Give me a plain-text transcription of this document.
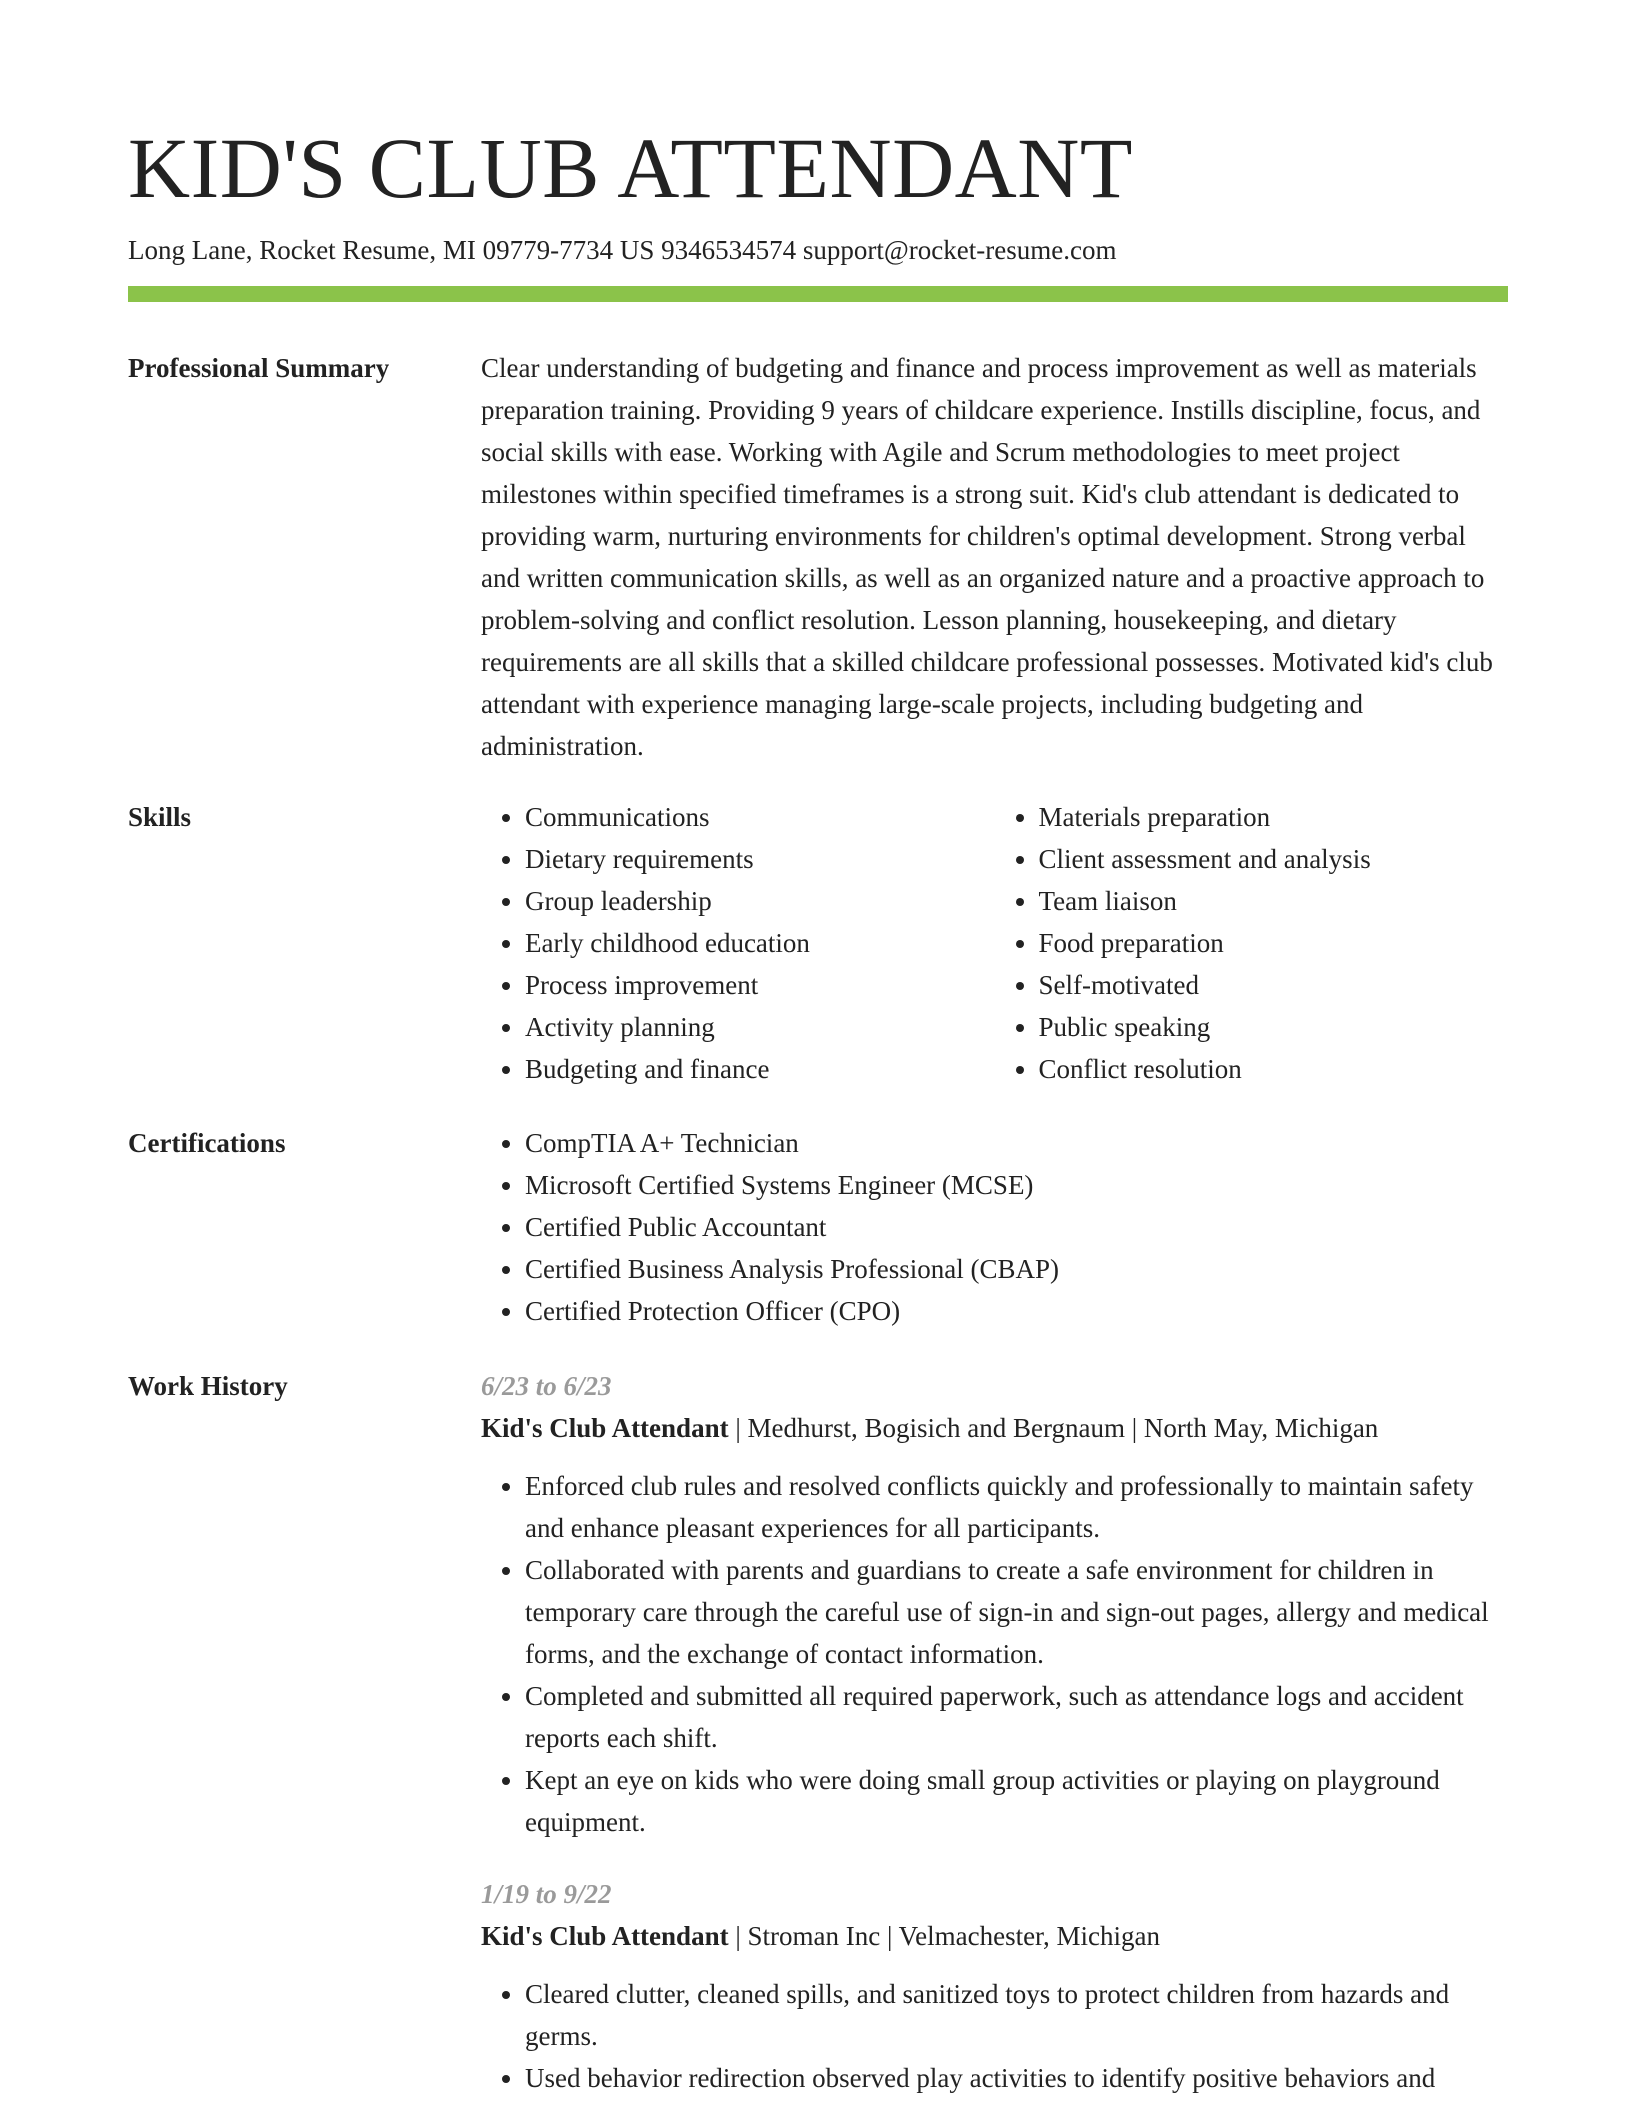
KID'S CLUB ATTENDANT
Long Lane, Rocket Resume, MI 09779-7734 US 9346534574 support@rocket-resume.com
Professional Summary	Clear understanding of budgeting and finance and process improvement as well as materials preparation training. Providing 9 years of childcare experience. Instills discipline, focus, and social skills with ease. Working with Agile and Scrum methodologies to meet project milestones within specified timeframes is a strong suit. Kid's club attendant is dedicated to providing warm, nurturing environments for children's optimal development. Strong verbal and written communication skills, as well as an organized nature and a proactive approach to problem-solving and conflict resolution. Lesson planning, housekeeping, and dietary requirements are all skills that a skilled childcare professional possesses. Motivated kid's club attendant with experience managing large-scale projects, including budgeting and administration.

Skills	• Communications
• Dietary requirements
• Group leadership
• Early childhood education
• Process improvement
• Activity planning
• Budgeting and finance
• Materials preparation
• Client assessment and analysis
• Team liaison
• Food preparation
• Self-motivated
• Public speaking
• Conflict resolution
Certifications	• CompTIA A+ Technician
• Microsoft Certified Systems Engineer (MCSE)
• Certified Public Accountant
• Certified Business Analysis Professional (CBAP)
• Certified Protection Officer (CPO)
Work History	6/23 to 6/23
Kid's Club Attendant | Medhurst, Bogisich and Bergnaum | North May, Michigan
• Enforced club rules and resolved conflicts quickly and professionally to maintain safety and enhance pleasant experiences for all participants.
• Collaborated with parents and guardians to create a safe environment for children in temporary care through the careful use of sign-in and sign-out pages, allergy and medical forms, and the exchange of contact information.
• Completed and submitted all required paperwork, such as attendance logs and accident reports each shift.
• Kept an eye on kids who were doing small group activities or playing on playground equipment.
1/19 to 9/22
Kid's Club Attendant | Stroman Inc | Velmachester, Michigan
• Cleared clutter, cleaned spills, and sanitized toys to protect children from hazards and germs.
• Used behavior redirection observed play activities to identify positive behaviors and
